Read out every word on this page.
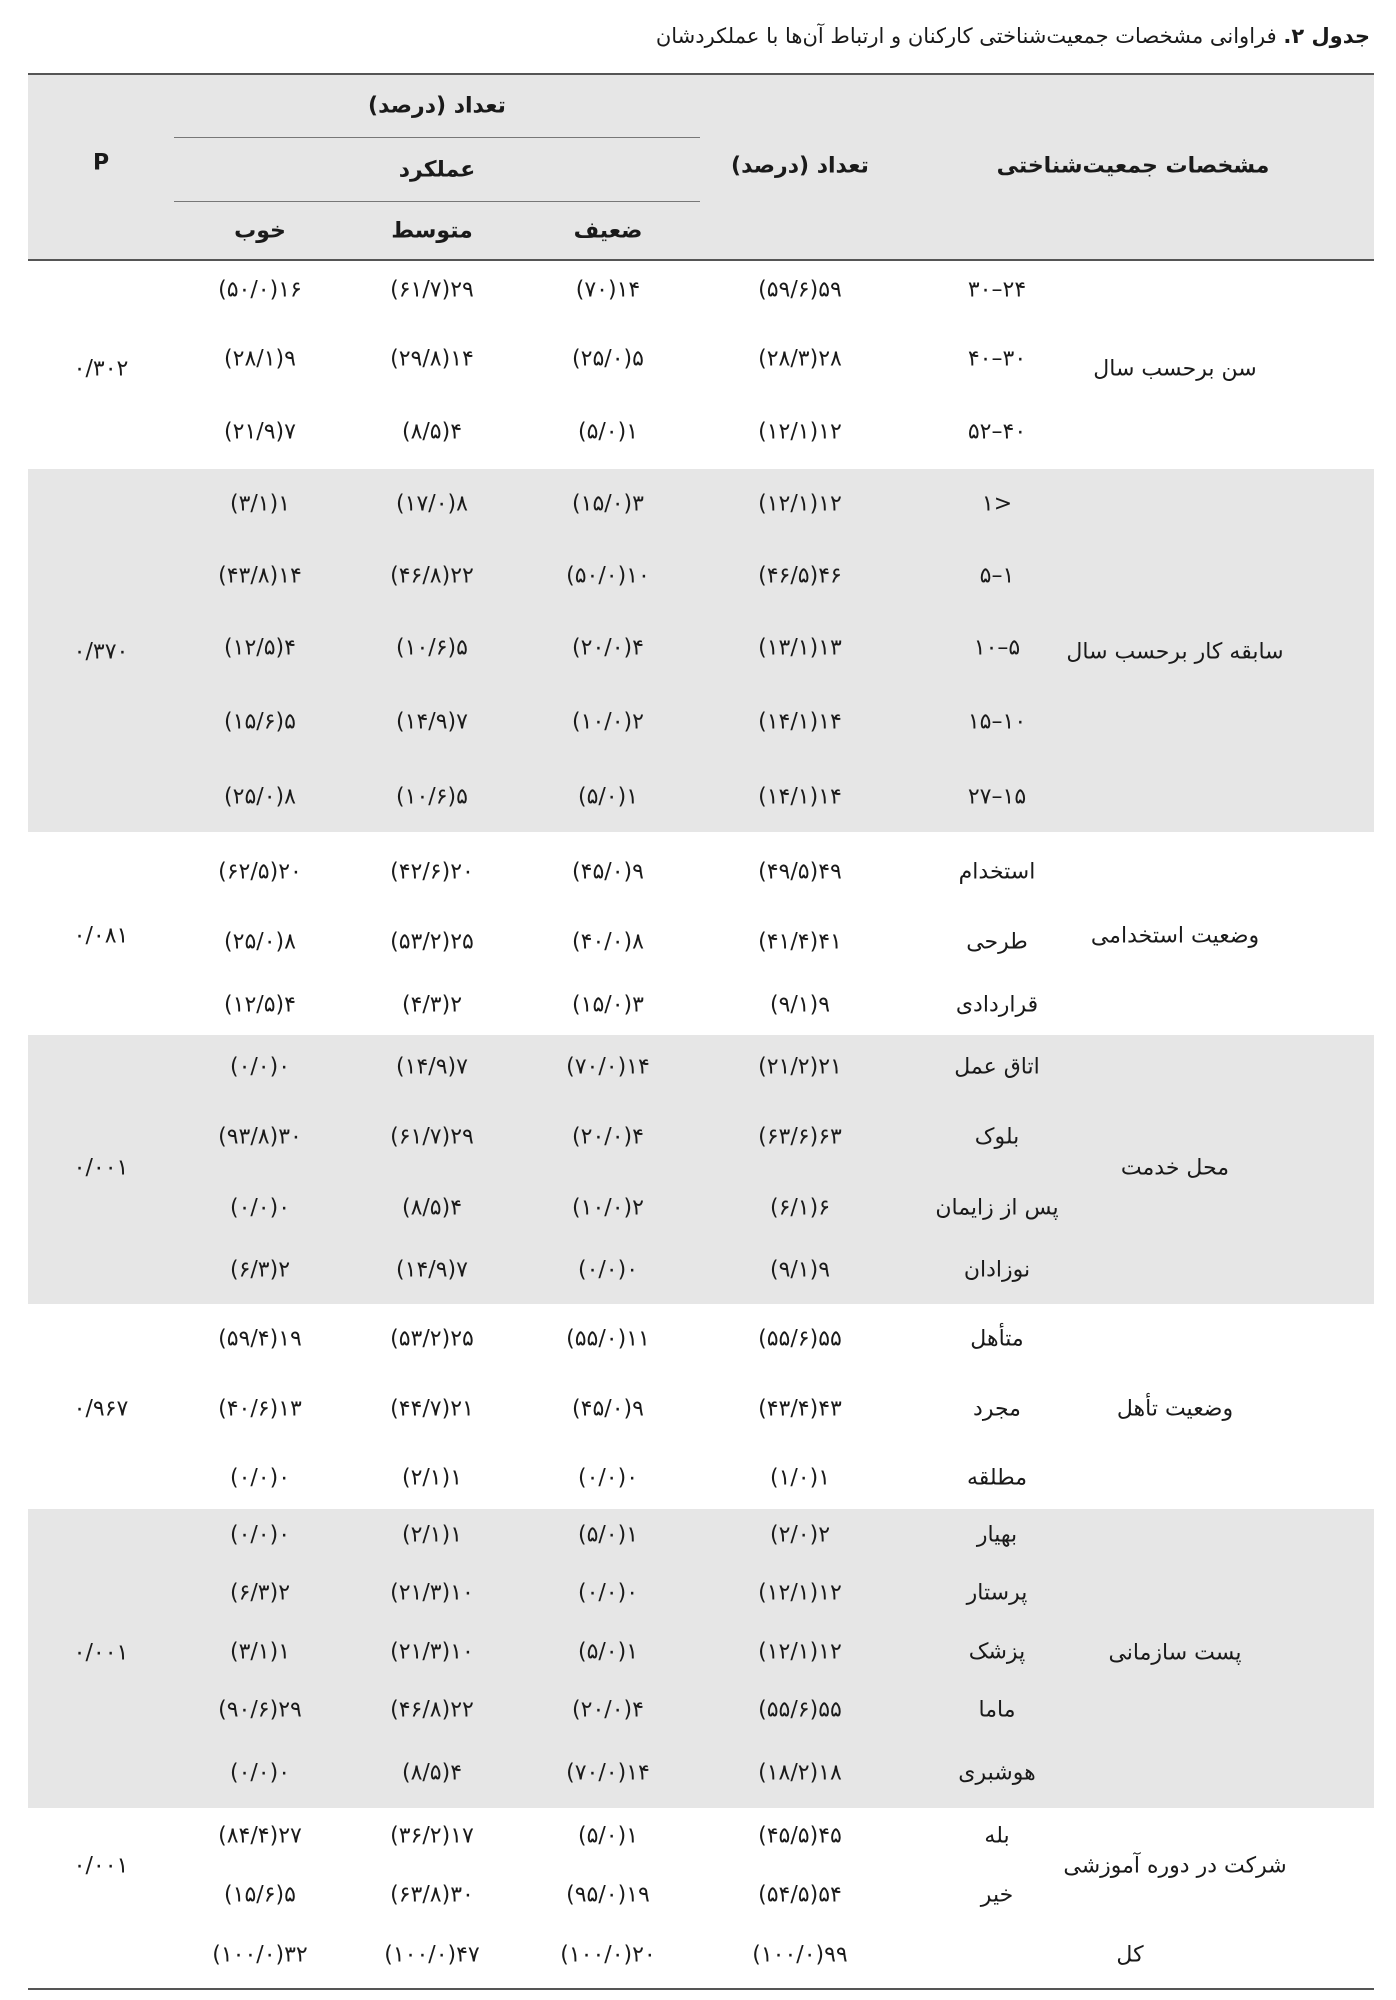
جدول ۲. فراوانی مشخصات جمعیت‌شناختی کارکنان و ارتباط آن‌ها با عملکردشان
تعداد (درصد)
عملکرد	مشخصات جمعیت‌شناختی
تعداد (درصد)
ضعیف
متوسط
خوب
P
سن برحسب سال
۰/۳۰۲
۲۴–۳۰
۵۹(۵۹/۶)
۱۴(۷۰)
۲۹(۶۱/۷)
۱۶(۵۰/۰)
۳۰–۴۰
۲۸(۲۸/۳)
۵(۲۵/۰)
۱۴(۲۹/۸)
۹(۲۸/۱)
۴۰–۵۲
۱۲(۱۲/۱)
۱(۵/۰)
۴(۸/۵)
۷(۲۱/۹)
سابقه کار برحسب سال
۰/۳۷۰
<۱
۱۲(۱۲/۱)
۳(۱۵/۰)
۸(۱۷/۰)
۱(۳/۱)
۱–۵
۴۶(۴۶/۵)
۱۰(۵۰/۰)
۲۲(۴۶/۸)
۱۴(۴۳/۸)
۵–۱۰
۱۳(۱۳/۱)
۴(۲۰/۰)
۵(۱۰/۶)
۴(۱۲/۵)
۱۰–۱۵
۱۴(۱۴/۱)
۲(۱۰/۰)
۷(۱۴/۹)
۵(۱۵/۶)
۱۵–۲۷
۱۴(۱۴/۱)
۱(۵/۰)
۵(۱۰/۶)
۸(۲۵/۰)
وضعیت استخدامی
۰/۰۸۱
استخدام
۴۹(۴۹/۵)
۹(۴۵/۰)
۲۰(۴۲/۶)
۲۰(۶۲/۵)
طرحی
۴۱(۴۱/۴)
۸(۴۰/۰)
۲۵(۵۳/۲)
۸(۲۵/۰)
قراردادی
۹(۹/۱)
۳(۱۵/۰)
۲(۴/۳)
۴(۱۲/۵)
محل خدمت
۰/۰۰۱
اتاق عمل
۲۱(۲۱/۲)
۱۴(۷۰/۰)
۷(۱۴/۹)
۰(۰/۰)
بلوک
۶۳(۶۳/۶)
۴(۲۰/۰)
۲۹(۶۱/۷)
۳۰(۹۳/۸)
پس از زایمان
۶(۶/۱)
۲(۱۰/۰)
۴(۸/۵)
۰(۰/۰)
نوزادان
۹(۹/۱)
۰(۰/۰)
۷(۱۴/۹)
۲(۶/۳)
وضعیت تأهل
۰/۹۶۷
متأهل
۵۵(۵۵/۶)
۱۱(۵۵/۰)
۲۵(۵۳/۲)
۱۹(۵۹/۴)
مجرد
۴۳(۴۳/۴)
۹(۴۵/۰)
۲۱(۴۴/۷)
۱۳(۴۰/۶)
مطلقه
۱(۱/۰)
۰(۰/۰)
۱(۲/۱)
۰(۰/۰)
پست سازمانی
۰/۰۰۱
بهیار
۲(۲/۰)
۱(۵/۰)
۱(۲/۱)
۰(۰/۰)
پرستار
۱۲(۱۲/۱)
۰(۰/۰)
۱۰(۲۱/۳)
۲(۶/۳)
پزشک
۱۲(۱۲/۱)
۱(۵/۰)
۱۰(۲۱/۳)
۱(۳/۱)
ماما
۵۵(۵۵/۶)
۴(۲۰/۰)
۲۲(۴۶/۸)
۲۹(۹۰/۶)
هوشبری
۱۸(۱۸/۲)
۱۴(۷۰/۰)
۴(۸/۵)
۰(۰/۰)
شرکت در دوره آموزشی
۰/۰۰۱
بله
۴۵(۴۵/۵)
۱(۵/۰)
۱۷(۳۶/۲)
۲۷(۸۴/۴)
خیر
۵۴(۵۴/۵)
۱۹(۹۵/۰)
۳۰(۶۳/۸)
۵(۱۵/۶)
کل
۹۹(۱۰۰/۰)
۲۰(۱۰۰/۰)
۴۷(۱۰۰/۰)
۳۲(۱۰۰/۰)
